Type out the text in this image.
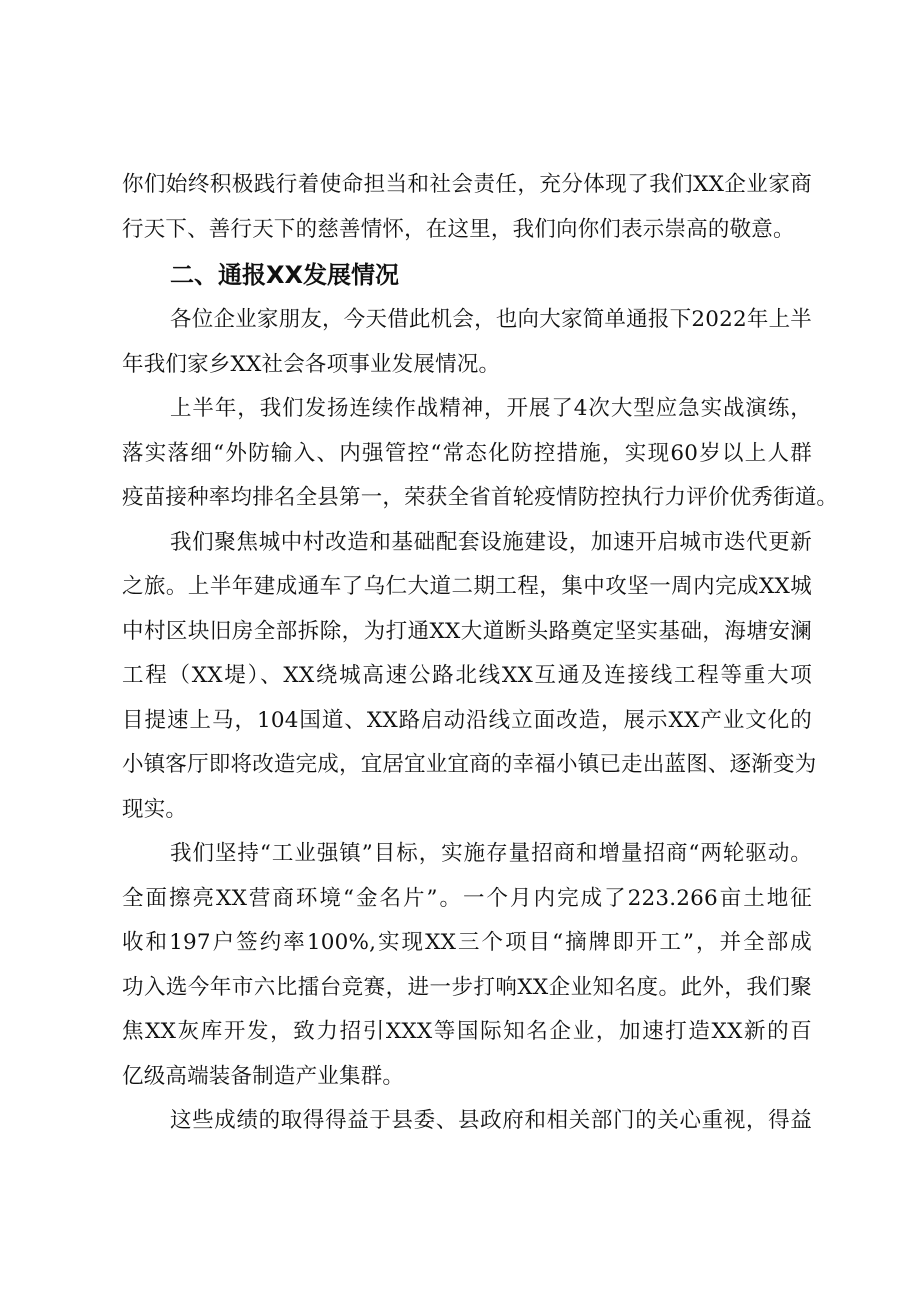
你们始终积极践行着使命担当和社会责任，充分体现了我们XX企业家商
行天下、善行天下的慈善情怀，在这里，我们向你们表示崇高的敬意。
二、通报XX发展情况
各位企业家朋友，今天借此机会，也向大家简单通报下2022年上半
年我们家乡XX社会各项事业发展情况。
上半年，我们发扬连续作战精神，开展了4次大型应急实战演练，
落实落细“外防输入、内强管控“常态化防控措施，实现60岁以上人群
疫苗接种率均排名全县第一，荣获全省首轮疫情防控执行力评价优秀街道。
我们聚焦城中村改造和基础配套设施建设，加速开启城市迭代更新
之旅。上半年建成通车了乌仁大道二期工程，集中攻坚一周内完成XX城
中村区块旧房全部拆除，为打通XX大道断头路奠定坚实基础，海塘安澜
工程（XX堤）、XX绕城高速公路北线XX互通及连接线工程等重大项
目提速上马，104国道、XX路启动沿线立面改造，展示XX产业文化的
小镇客厅即将改造完成，宜居宜业宜商的幸福小镇已走出蓝图、逐渐变为
现实。
我们坚持“工业强镇”目标，实施存量招商和增量招商“两轮驱动。
全面擦亮XX营商环境“金名片”。一个月内完成了223.266亩土地征
收和197户签约率100%,实现XX三个项目“摘牌即开工”，并全部成
功入选今年市六比擂台竞赛，进一步打响XX企业知名度。此外，我们聚
焦XX灰库开发，致力招引XXX等国际知名企业，加速打造XX新的百
亿级高端装备制造产业集群。
这些成绩的取得得益于县委、县政府和相关部门的关心重视，得益
